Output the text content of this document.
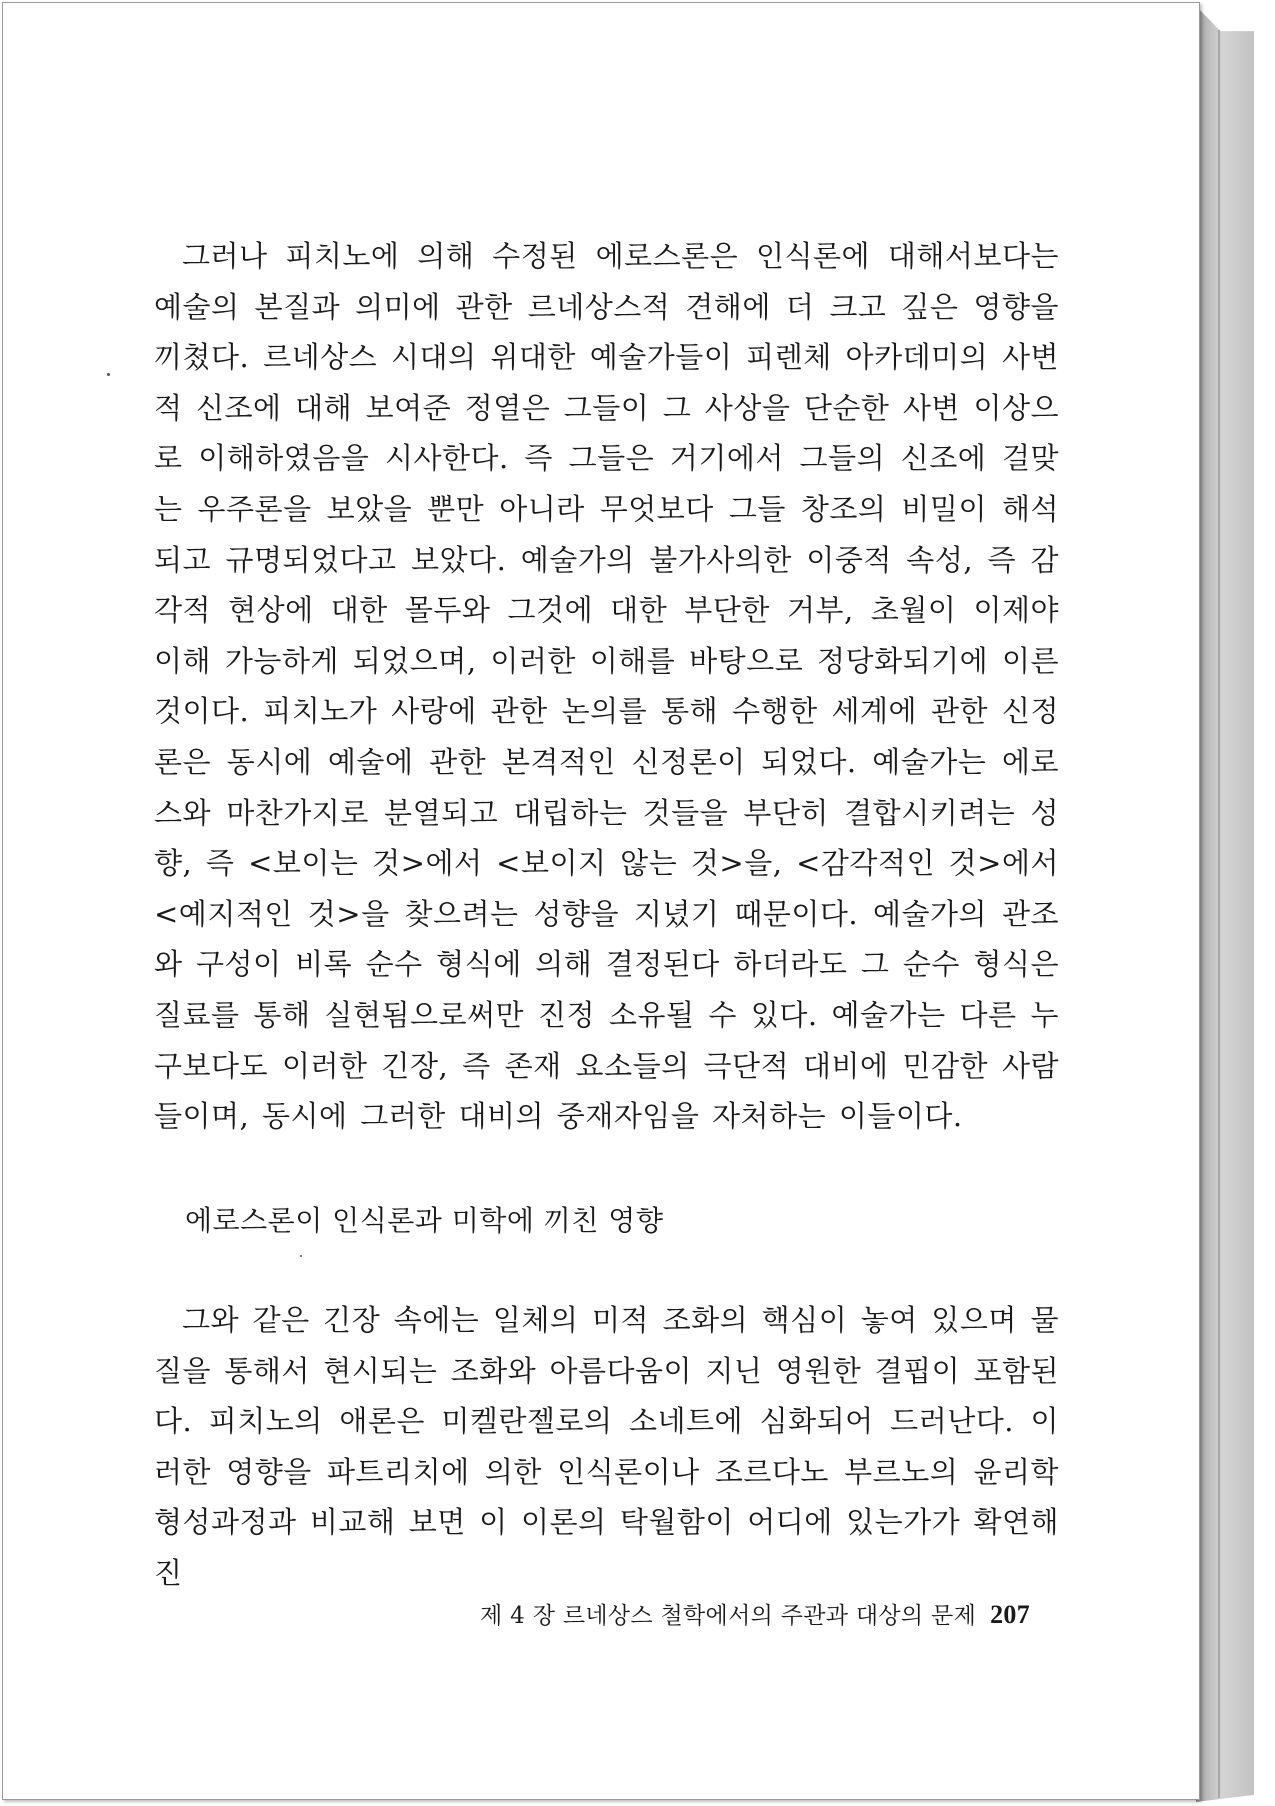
그러나 피치노에 의해 수정된 에로스론은 인식론에 대해서보다는 예술의 본질과 의미에 관한 르네상스적 견해에 더 크고 깊은 영향을 끼쳤다. 르네상스 시대의 위대한 예술가들이 피렌체 아카데미의 사변적 신조에 대해 보여준 정열은 그들이 그 사상을 단순한 사변 이상으로 이해하였음을 시사한다. 즉 그들은 거기에서 그들의 신조에 걸맞는 우주론을 보았을 뿐만 아니라 무엇보다 그들 창조의 비밀이 해석되고 규명되었다고 보았다. 예술가의 불가사의한 이중적 속성, 즉 감각적 현상에 대한 몰두와 그것에 대한 부단한 거부, 초월이 이제야 이해 가능하게 되었으며, 이러한 이해를 바탕으로 정당화되기에 이른 것이다. 피치노가 사랑에 관한 논의를 통해 수행한 세계에 관한 신정론은 동시에 예술에 관한 본격적인 신정론이 되었다. 예술가는 에로스와 마찬가지로 분열되고 대립하는 것들을 부단히 결합시키려는 성향, 즉 <보이는 것>에서 <보이지 않는 것>을, <감각적인 것>에서 <예지적인 것>을 찾으려는 성향을 지녔기 때문이다. 예술가의 관조와 구성이 비록 순수 형식에 의해 결정된다 하더라도 그 순수 형식은 질료를 통해 실현됨으로써만 진정 소유될 수 있다. 예술가는 다른 누구보다도 이러한 긴장, 즉 존재 요소들의 극단적 대비에 민감한 사람들이며, 동시에 그러한 대비의 중재자임을 자처하는 이들이다.

에로스론이 인식론과 미학에 끼친 영향

그와 같은 긴장 속에는 일체의 미적 조화의 핵심이 놓여 있으며 물질을 통해서 현시되는 조화와 아름다움이 지닌 영원한 결핍이 포함된다. 피치노의 애론은 미켈란젤로의 소네트에 심화되어 드러난다. 이러한 영향을 파트리치에 의한 인식론이나 조르다노 부르노의 윤리학 형성과정과 비교해 보면 이 이론의 탁월함이 어디에 있는가가 확연해진

제 4 장 르네상스 철학에서의 주관과 대상의 문제 207
